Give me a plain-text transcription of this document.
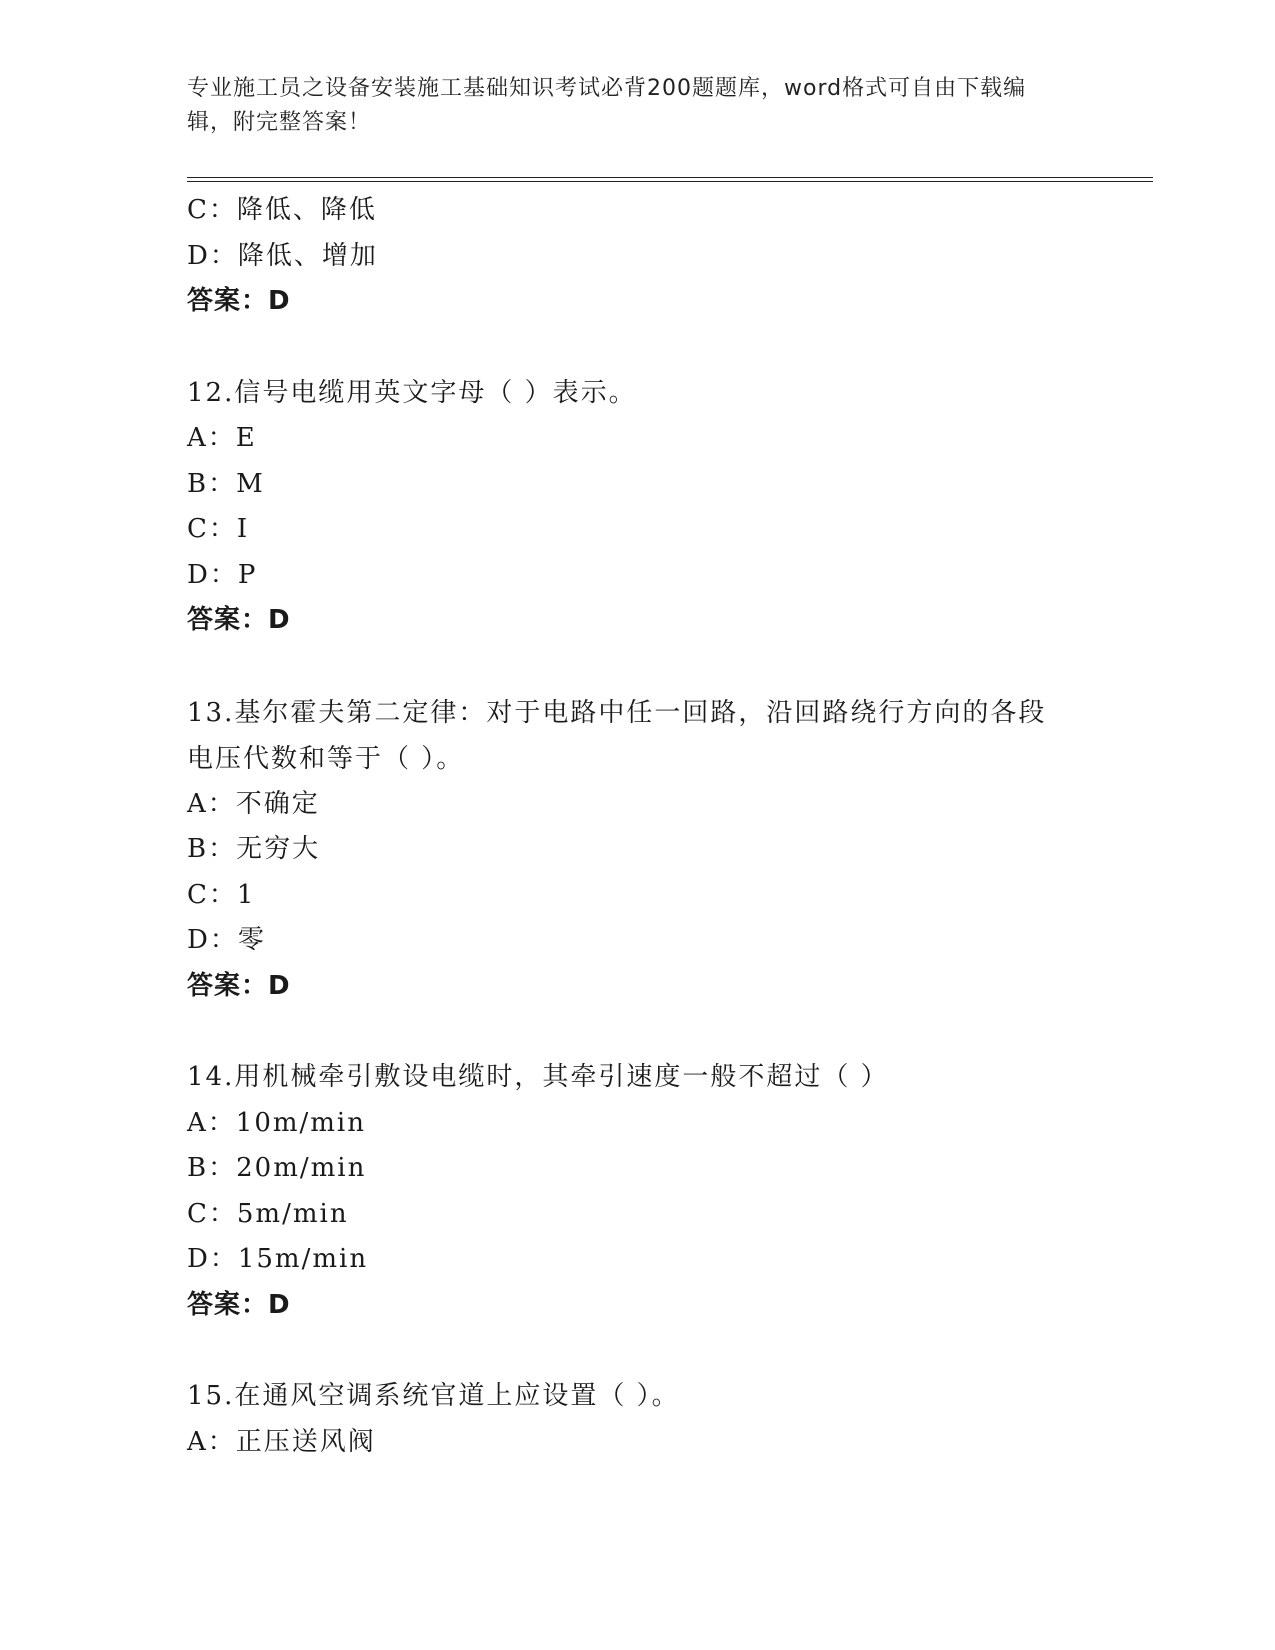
专业施工员之设备安装施工基础知识考试必背200题题库，word格式可自由下载编辑，附完整答案！
C：降低、降低
D：降低、增加
答案：D
12.信号电缆用英文字母（ ）表示。
A：E
B：M
C：I
D：P
答案：D
13.基尔霍夫第二定律：对于电路中任一回路，沿回路绕行方向的各段电压代数和等于（ ）。
A：不确定
B：无穷大
C：1
D：零
答案：D
14.用机械牵引敷设电缆时，其牵引速度一般不超过（ ）
A：10m/min
B：20m/min
C：5m/min
D：15m/min
答案：D
15.在通风空调系统官道上应设置（ ）。
A：正压送风阀
